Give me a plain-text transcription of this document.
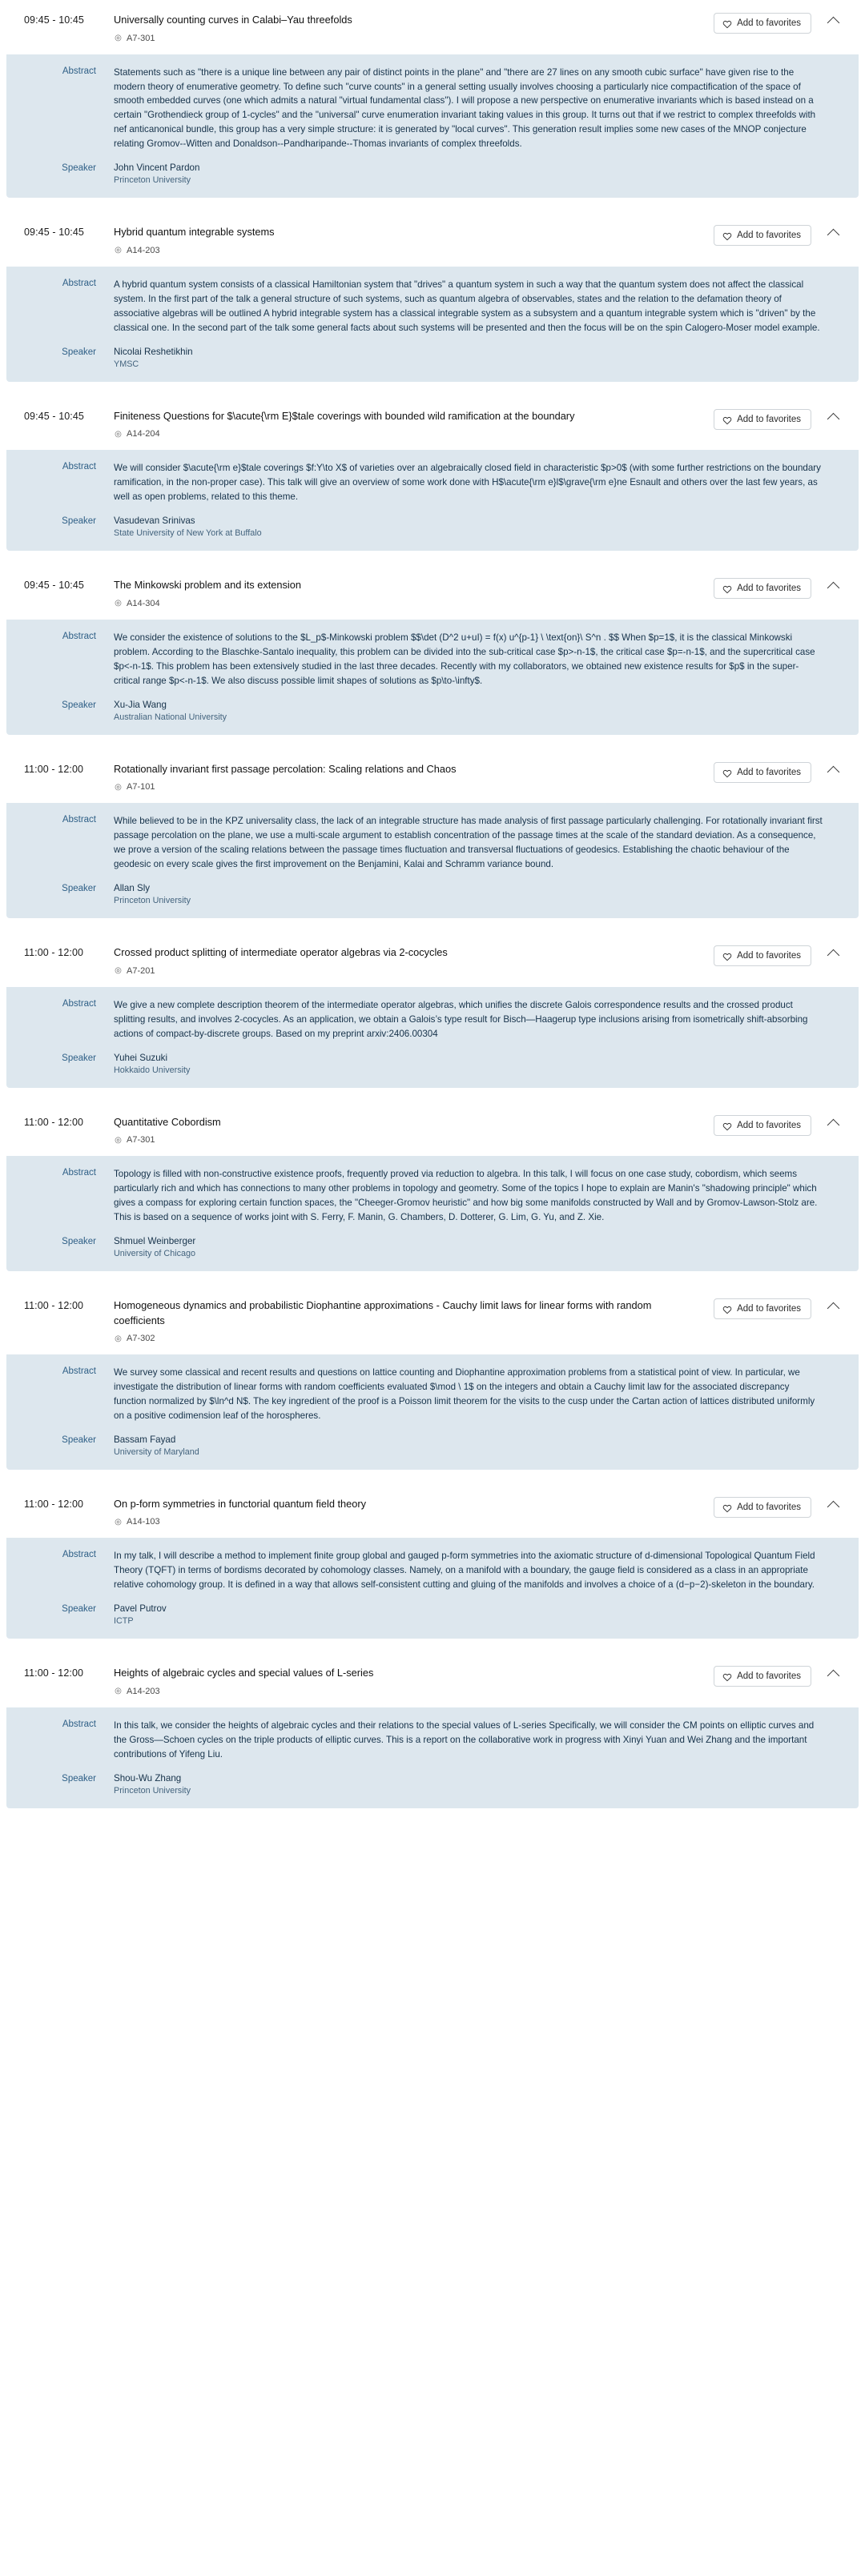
09:45 - 10:45	Universally counting curves in Calabi–Yau threefolds

◎ A7-301
Add to favorites
Abstract	Statements such as "there is a unique line between any pair of distinct points in the plane" and "there are 27 lines on any smooth cubic surface" have given rise to the modern theory of enumerative geometry. To define such "curve counts" in a general setting usually involves choosing a particularly nice compactification of the space of smooth embedded curves (one which admits a natural "virtual fundamental class"). I will propose a new perspective on enumerative invariants which is based instead on a certain "Grothendieck group of 1-cycles" and the "universal" curve enumeration invariant taking values in this group. It turns out that if we restrict to complex threefolds with nef anticanonical bundle, this group has a very simple structure: it is generated by "local curves". This generation result implies some new cases of the MNOP conjecture relating Gromov--Witten and Donaldson--Pandharipande--Thomas invariants of complex threefolds.

Speaker	John Vincent Pardon

Princeton University

09:45 - 10:45	Hybrid quantum integrable systems

◎ A14-203
Add to favorites
Abstract	A hybrid quantum system consists of a classical Hamiltonian system that "drives" a quantum system in such a way that the quantum system does not affect the classical system. In the first part of the talk a general structure of such systems, such as quantum algebra of observables, states and the relation to the defamation theory of associative algebras will be outlined A hybrid integrable system has a classical integrable system as a subsystem and a quantum integrable system which is "driven" by the classical one. In the second part of the talk some general facts about such systems will be presented and then the focus will be on the spin Calogero-Moser model example.

Speaker	Nicolai Reshetikhin

YMSC

09:45 - 10:45	Finiteness Questions for $\acute{\rm E}$tale coverings with bounded wild ramification at the boundary

◎ A14-204
Add to favorites
Abstract	We will consider $\acute{\rm e}$tale coverings $f:Y\to X$ of varieties over an algebraically closed field in characteristic $p>0$ (with some further restrictions on the boundary ramification, in the non-proper case). This talk will give an overview of some work done with H$\acute{\rm e}l$\grave{\rm e}ne Esnault and others over the last few years, as well as open problems, related to this theme.

Speaker	Vasudevan Srinivas

State University of New York at Buffalo

09:45 - 10:45	The Minkowski problem and its extension

◎ A14-304
Add to favorites
Abstract	We consider the existence of solutions to the $L_p$-Minkowski problem $$\det (D^2 u+uI) = f(x) u^{p-1} \ \text{on}\ S^n . $$ When $p=1$, it is the classical Minkowski problem. According to the Blaschke-Santalo inequality, this problem can be divided into the sub-critical case $p>-n-1$, the critical case $p=-n-1$, and the supercritical case $p<-n-1$. This problem has been extensively studied in the last three decades. Recently with my collaborators, we obtained new existence results for $p$ in the super-critical range $p<-n-1$. We also discuss possible limit shapes of solutions as $p\to-\infty$.

Speaker	Xu-Jia Wang

Australian National University

11:00 - 12:00	Rotationally invariant first passage percolation: Scaling relations and Chaos

◎ A7-101
Add to favorites
Abstract	While believed to be in the KPZ universality class, the lack of an integrable structure has made analysis of first passage particularly challenging. For rotationally invariant first passage percolation on the plane, we use a multi-scale argument to establish concentration of the passage times at the scale of the standard deviation. As a consequence, we prove a version of the scaling relations between the passage times fluctuation and transversal fluctuations of geodesics. Establishing the chaotic behaviour of the geodesic on every scale gives the first improvement on the Benjamini, Kalai and Schramm variance bound.

Speaker	Allan Sly

Princeton University

11:00 - 12:00	Crossed product splitting of intermediate operator algebras via 2-cocycles

◎ A7-201
Add to favorites
Abstract	We give a new complete description theorem of the intermediate operator algebras, which unifies the discrete Galois correspondence results and the crossed product splitting results, and involves 2-cocycles. As an application, we obtain a Galois’s type result for Bisch—Haagerup type inclusions arising from isometrically shift-absorbing actions of compact-by-discrete groups. Based on my preprint arxiv:2406.00304

Speaker	Yuhei Suzuki

Hokkaido University

11:00 - 12:00	Quantitative Cobordism

◎ A7-301
Add to favorites
Abstract	Topology is filled with non-constructive existence proofs, frequently proved via reduction to algebra. In this talk, I will focus on one case study, cobordism, which seems particularly rich and which has connections to many other problems in topology and geometry. Some of the topics I hope to explain are Manin's "shadowing principle" which gives a compass for exploring certain function spaces, the "Cheeger-Gromov heuristic" and how big some manifolds constructed by Wall and by Gromov-Lawson-Stolz are. This is based on a sequence of works joint with S. Ferry, F. Manin, G. Chambers, D. Dotterer, G. Lim, G. Yu, and Z. Xie.

Speaker	Shmuel Weinberger

University of Chicago

11:00 - 12:00	Homogeneous dynamics and probabilistic Diophantine approximations - Cauchy limit laws for linear forms with random coefficients

◎ A7-302
Add to favorites
Abstract	We survey some classical and recent results and questions on lattice counting and Diophantine approximation problems from a statistical point of view. In particular, we investigate the distribution of linear forms with random coefficients evaluated $\mod \ 1$ on the integers and obtain a Cauchy limit law for the associated discrepancy function normalized by $\ln^d N$. The key ingredient of the proof is a Poisson limit theorem for the visits to the cusp under the Cartan action of lattices distributed uniformly on a positive codimension leaf of the horospheres.

Speaker	Bassam Fayad

University of Maryland

11:00 - 12:00	On p-form symmetries in functorial quantum field theory

◎ A14-103
Add to favorites
Abstract	In my talk, I will describe a method to implement finite group global and gauged p-form symmetries into the axiomatic structure of d-dimensional Topological Quantum Field Theory (TQFT) in terms of bordisms decorated by cohomology classes. Namely, on a manifold with a boundary, the gauge field is considered as a class in an appropriate relative cohomology group. It is defined in a way that allows self-consistent cutting and gluing of the manifolds and involves a choice of a (d−p−2)-skeleton in the boundary.

Speaker	Pavel Putrov

ICTP

11:00 - 12:00	Heights of algebraic cycles and special values of L-series

◎ A14-203
Add to favorites
Abstract	In this talk, we consider the heights of algebraic cycles and their relations to the special values of L-series Specifically, we will consider the CM points on elliptic curves and the Gross—Schoen cycles on the triple products of elliptic curves. This is a report on the collaborative work in progress with Xinyi Yuan and Wei Zhang and the important contributions of Yifeng Liu.

Speaker	Shou-Wu Zhang

Princeton University
